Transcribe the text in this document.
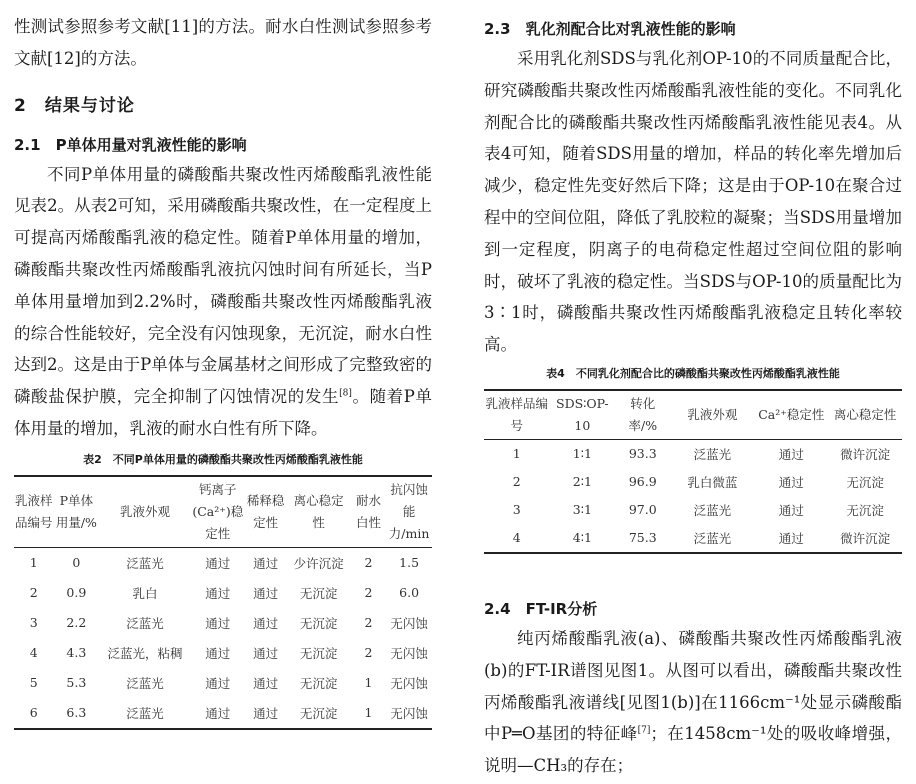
性测试参照参考文献[11]的方法。耐水白性测试参照参考文献[12]的方法。

2　结果与讨论
2.1　P单体用量对乳液性能的影响

不同P单体用量的磷酸酯共聚改性丙烯酸酯乳液性能见表2。从表2可知，采用磷酸酯共聚改性，在一定程度上可提高丙烯酸酯乳液的稳定性。随着P单体用量的增加，磷酸酯共聚改性丙烯酸酯乳液抗闪蚀时间有所延长，当P单体用量增加到2.2%时，磷酸酯共聚改性丙烯酸酯乳液的综合性能较好，完全没有闪蚀现象，无沉淀，耐水白性达到2。这是由于P单体与金属基材之间形成了完整致密的磷酸盐保护膜，完全抑制了闪蚀情况的发生[8]。随着P单体用量的增加，乳液的耐水白性有所下降。

表2　不同P单体用量的磷酸酯共聚改性丙烯酸酯乳液性能

乳液样品编号	P单体用量/%	乳液外观	钙离子(Ca²⁺)稳定性	稀释稳定性	离心稳定性	耐水白性	抗闪蚀能力/min
1	0	泛蓝光	通过	通过	少许沉淀	2	1.5
2	0.9	乳白	通过	通过	无沉淀	2	6.0
3	2.2	泛蓝光	通过	通过	无沉淀	2	无闪蚀
4	4.3	泛蓝光，粘稠	通过	通过	无沉淀	2	无闪蚀
5	5.3	泛蓝光	通过	通过	无沉淀	1	无闪蚀
6	6.3	泛蓝光	通过	通过	无沉淀	1	无闪蚀
2.3　乳化剂配合比对乳液性能的影响

采用乳化剂SDS与乳化剂OP-10的不同质量配合比，研究磷酸酯共聚改性丙烯酸酯乳液性能的变化。不同乳化剂配合比的磷酸酯共聚改性丙烯酸酯乳液性能见表4。从表4可知，随着SDS用量的增加，样品的转化率先增加后减少，稳定性先变好然后下降；这是由于OP-10在聚合过程中的空间位阻，降低了乳胶粒的凝聚；当SDS用量增加到一定程度，阴离子的电荷稳定性超过空间位阻的影响时，破坏了乳液的稳定性。当SDS与OP-10的质量配比为3∶1时，磷酸酯共聚改性丙烯酸酯乳液稳定且转化率较高。

表4　不同乳化剂配合比的磷酸酯共聚改性丙烯酸酯乳液性能

乳液样品编号	SDS∶OP-10	转化率/%	乳液外观	Ca²⁺稳定性	离心稳定性
1	1∶1	93.3	泛蓝光	通过	微许沉淀
2	2∶1	96.9	乳白微蓝	通过	无沉淀
3	3∶1	97.0	泛蓝光	通过	无沉淀
4	4∶1	75.3	泛蓝光	通过	微许沉淀
2.4　FT-IR分析

纯丙烯酸酯乳液(a)、磷酸酯共聚改性丙烯酸酯乳液(b)的FT-IR谱图见图1。从图可以看出，磷酸酯共聚改性丙烯酸酯乳液谱线[见图1(b)]在1166cm⁻¹处显示磷酸酯中P═O基团的特征峰[7]；在1458cm⁻¹处的吸收峰增强，说明—CH₃的存在；
